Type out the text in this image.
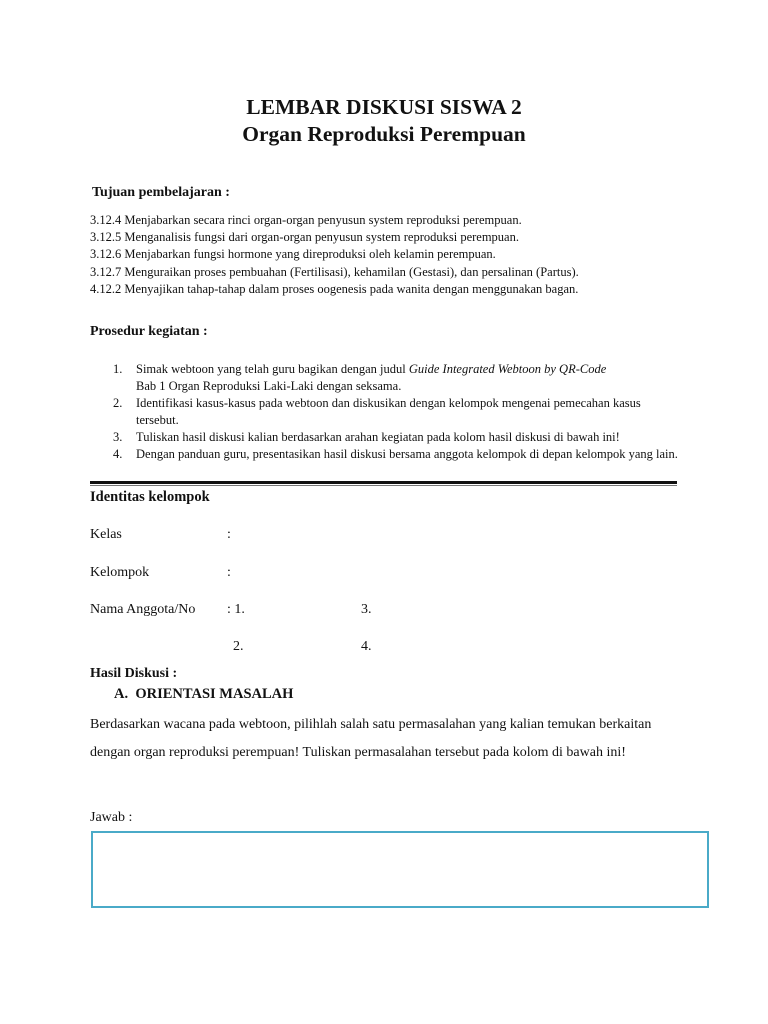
LEMBAR DISKUSI SISWA 2
Organ Reproduksi Perempuan
Tujuan pembelajaran :
3.12.4 Menjabarkan secara rinci organ-organ penyusun system reproduksi perempuan.
3.12.5 Menganalisis fungsi dari organ-organ penyusun system reproduksi perempuan.
3.12.6 Menjabarkan fungsi hormone yang direproduksi oleh kelamin perempuan.
3.12.7 Menguraikan proses pembuahan (Fertilisasi), kehamilan (Gestasi), dan persalinan (Partus).
4.12.2 Menyajikan tahap-tahap dalam proses oogenesis pada wanita dengan menggunakan bagan.
Prosedur kegiatan :
1. Simak webtoon yang telah guru bagikan dengan judul Guide Integrated Webtoon by QR-Code
Bab 1 Organ Reproduksi Laki-Laki dengan seksama.
2. Identifikasi kasus-kasus pada webtoon dan diskusikan dengan kelompok mengenai pemecahan kasus tersebut.
3. Tuliskan hasil diskusi kalian berdasarkan arahan kegiatan pada kolom hasil diskusi di bawah ini!
4. Dengan panduan guru, presentasikan hasil diskusi bersama anggota kelompok di depan kelompok yang lain.
Identitas kelompok
Kelas	:
Kelompok	:
Nama Anggota/No : 1.	3.
2.	4.
Hasil Diskusi :
A. ORIENTASI MASALAH

Berdasarkan wacana pada webtoon, pilihlah salah satu permasalahan yang kalian temukan berkaitan dengan organ reproduksi perempuan! Tuliskan permasalahan tersebut pada kolom di bawah ini!

Jawab :
